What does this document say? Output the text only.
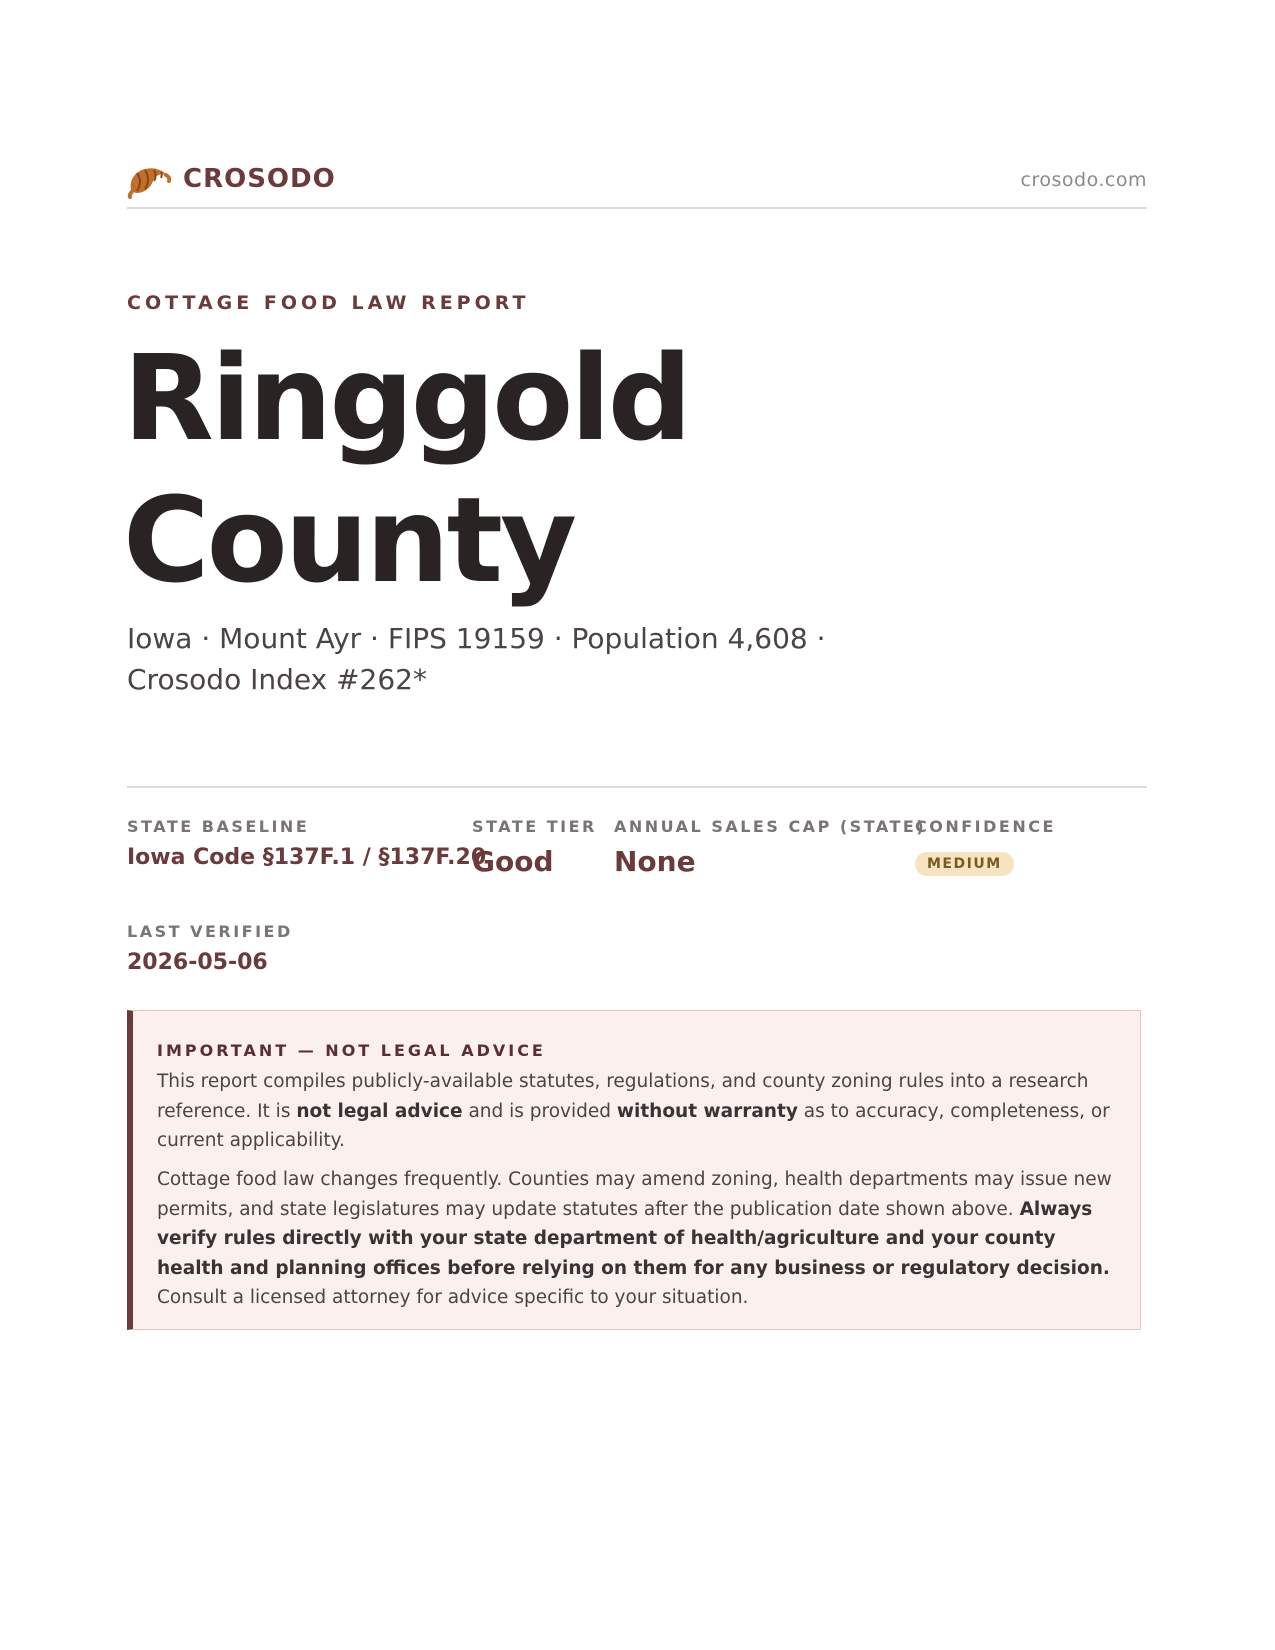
CROSODO	crosodo.com
COTTAGE FOOD LAW REPORT
Ringgold County
Iowa · Mount Ayr · FIPS 19159 · Population 4,608 · Crosodo Index #262*
STATE BASELINE
Iowa Code §137F.1 / §137F.20
STATE TIER
Good
ANNUAL SALES CAP (STATE)
None
CONFIDENCE
MEDIUM
LAST VERIFIED
2026-05-06
IMPORTANT — NOT LEGAL ADVICE

This report compiles publicly-available statutes, regulations, and county zoning rules into a research reference. It is not legal advice and is provided without warranty as to accuracy, completeness, or current applicability.

Cottage food law changes frequently. Counties may amend zoning, health departments may issue new permits, and state legislatures may update statutes after the publication date shown above. Always verify rules directly with your state department of health/agriculture and your county health and planning offices before relying on them for any business or regulatory decision. Consult a licensed attorney for advice specific to your situation.
